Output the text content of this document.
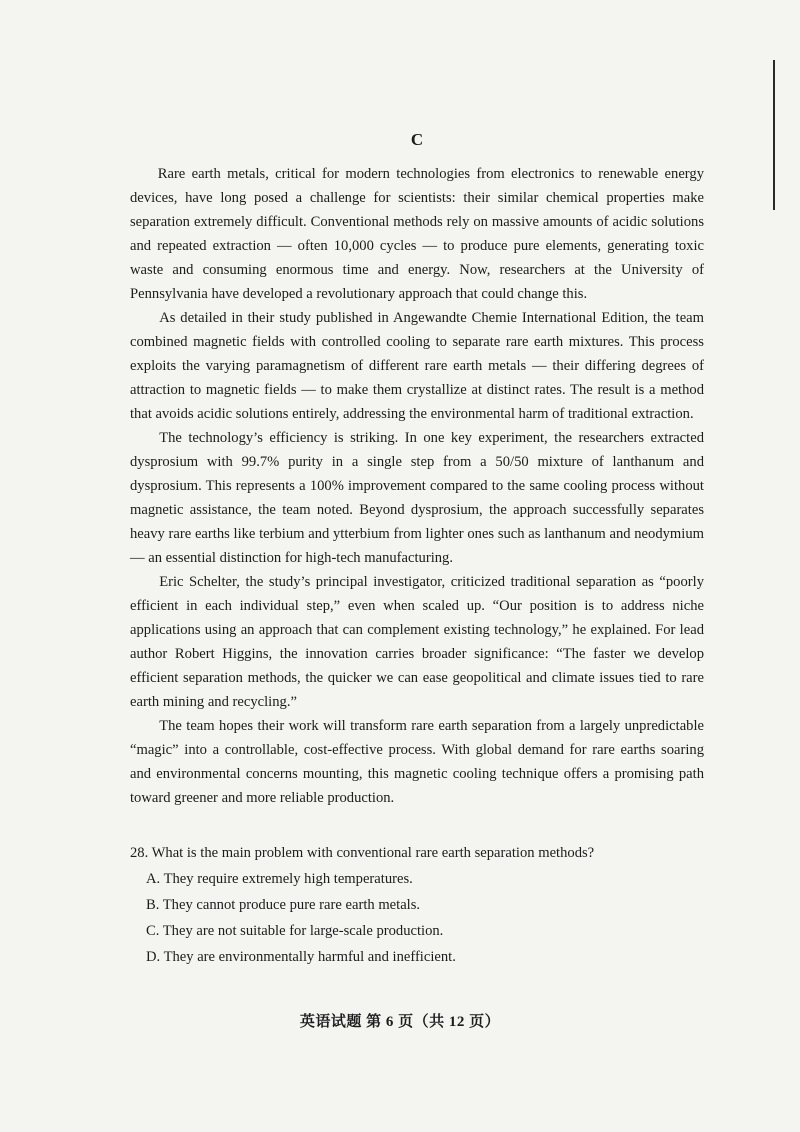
C

Rare earth metals, critical for modern technologies from electronics to renewable energy devices, have long posed a challenge for scientists: their similar chemical properties make separation extremely difficult. Conventional methods rely on massive amounts of acidic solutions and repeated extraction — often 10,000 cycles — to produce pure elements, generating toxic waste and consuming enormous time and energy. Now, researchers at the University of Pennsylvania have developed a revolutionary approach that could change this.

As detailed in their study published in Angewandte Chemie International Edition, the team combined magnetic fields with controlled cooling to separate rare earth mixtures. This process exploits the varying paramagnetism of different rare earth metals — their differing degrees of attraction to magnetic fields — to make them crystallize at distinct rates. The result is a method that avoids acidic solutions entirely, addressing the environmental harm of traditional extraction.

The technology’s efficiency is striking. In one key experiment, the researchers extracted dysprosium with 99.7% purity in a single step from a 50/50 mixture of lanthanum and dysprosium. This represents a 100% improvement compared to the same cooling process without magnetic assistance, the team noted. Beyond dysprosium, the approach successfully separates heavy rare earths like terbium and ytterbium from lighter ones such as lanthanum and neodymium — an essential distinction for high-tech manufacturing.

Eric Schelter, the study’s principal investigator, criticized traditional separation as “poorly efficient in each individual step,” even when scaled up. “Our position is to address niche applications using an approach that can complement existing technology,” he explained. For lead author Robert Higgins, the innovation carries broader significance: “The faster we develop efficient separation methods, the quicker we can ease geopolitical and climate issues tied to rare earth mining and recycling.”

The team hopes their work will transform rare earth separation from a largely unpredictable “magic” into a controllable, cost-effective process. With global demand for rare earths soaring and environmental concerns mounting, this magnetic cooling technique offers a promising path toward greener and more reliable production.

28. What is the main problem with conventional rare earth separation methods?

A. They require extremely high temperatures.
B. They cannot produce pure rare earth metals.
C. They are not suitable for large-scale production.
D. They are environmentally harmful and inefficient.
英语试题 第 6 页（共 12 页）
